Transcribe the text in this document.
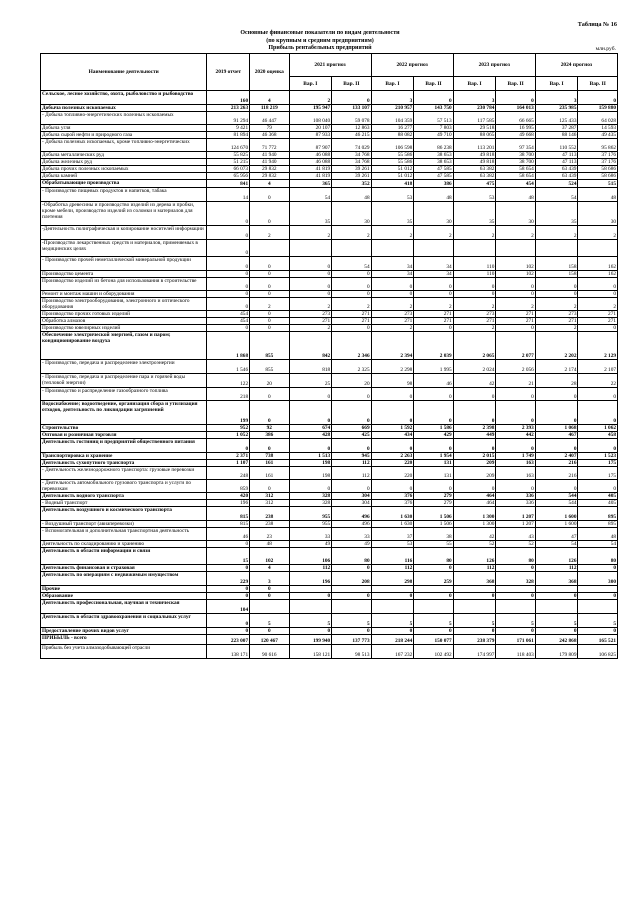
Таблица № 16
Основные финансовые показатели по видам деятельности
(по крупным и средним предприятиям)
Прибыль рентабельных предприятий	млн.руб.
Наименование деятельности	2019 отчет	2020 оценка	2021 прогноз		2022 прогноз		2023 прогноз		2024 прогноз	
			Вар. I	Вар. II	Вар. I	Вар. II	Вар. I	Вар. II	Вар. I	Вар. II
Сельское, лесное хозяйство, охота, рыболовство и рыбоводство	160	4	2	0	3	0	3	0	3	0
Добыча полезных ископаемых	213 263	118 219	195 947	133 107	210 957	143 750	230 784	164 013	235 985	159 880
- Добыча топливно-энергетических полезных ископаемых	91 294	46 447	108 040	59 078	104 359	57 513	117 585	66 665	125 433	64 028
Добыча угля	9 421	79	20 107	12 863	16 277	7 803	29 518	16 995	37 287	14 593
Добыча сырой нефти и природного газа	81 894	46 368	87 933	46 215	88 082	49 710	88 065	49 668	88 146	49 435
- Добыча полезных ископаемых, кроме топливно-энергетических	124 670	71 772	87 907	74 029	106 598	86 238	113 201	97 354	110 552	95 862
Добыча металлических руд	55 825	41 940	46 088	34 768	55 586	38 653	49 818	38 700	47 113	37 176
Добыча железных руд	51 215	41 940	46 088	34 768	55 586	38 653	49 818	38 700	47 113	37 176
Добыча прочих полезных ископаемых	66 073	29 832	41 819	39 261	51 012	47 585	63 382	58 654	63 439	58 686
Добыча камней	65 956	29 832	41 819	39 261	51 012	47 585	63 382	58 654	63 439	58 686
Обрабатывающие производства	841	4	365	352	418	386	475	454	524	515
- Производство пищевых продуктов и напитков, табака	14	0	54	48	53	48	53	48	54	48
-Обработка древесины и производство изделий из дерева и пробки, кроме мебели, производство изделий из соломки и материалов для плетения	0	0	35	30	35	30	35	30	35	30
-Деятельность полиграфическая и копирование носителей информации	0	2	2	2	2	2	2	2	2	2
-Производство лекарственных средств и материалов, применяемых в медицинских целях	0									
- Производство прочей неметаллической минеральной продукции	0	0	0	54	34	34	110	102	158	162
Производство цемента	0	0	0	0	34	34	110	102	158	162
Производство изделий из бетона для использования в строительстве	0	0	0	0	0	0	0	0	0	0
Ремонт и монтаж машин и оборудования	0	0	0	0	0	0	0	0	0	0
Производство электрооборудования, электронного и оптического оборудования	0	2	2	2	2	2	2	2	2	2
Производство прочих готовых изделий	454	0	273	271	273	271	273	271	273	271
Обработка алмазов	454	0	271	271	271	271	271	271	271	271
Производство ювелирных изделий	0	0	2	0	2	0	2	0	2	0
Обеспечение электрической энергией, газом и паром; кондиционирование воздуха	1 868	855	842	2 346	2 394	2 039	2 065	2 077	2 202	2 129
- Производство, передача и распределение электроэнергии	1 546	855	818	2 325	2 298	1 995	2 024	2 056	2 174	2 107
- Производство, передача и распределение пара и горячей воды (тепловой энергии)	122	20	25	20	98	46	42	21	28	22
- Производство и распределение газообразного топлива	218	0	0	0	0	0	0	0	0	0
Водоснабжение; водоотведение, организация сбора и утилизация отходов, деятельность по ликвидации загрязнений	199	0	0	0	0	0	0	0	0	0
Строительство	952	92	674	669	1 592	1 586	2 398	2 393	1 068	1 062
Оптовая и розничная торговля	1 052	386	428	425	434	429	449	442	467	458
Деятельность гостиниц и предприятий общественного питания	0	0	0	0	0	0	0	0	0	0
Транспортировка и хранение	2 371	738	1 513	945	2 263	1 954	2 015	1 749	2 407	1 523
Деятельность сухопутного транспорта	1 107	161	198	112	220	131	209	163	216	175
- Деятельность железнодорожного транспорта: грузовые перевозки	248	161	198	112	220	131	209	163	216	175
- Деятельность автомобильного грузового транспорта и услуги по перевозкам	859	0	0	0	0	0	0	0	0	0
Деятельность водного транспорта	420	312	328	304	376	279	464	336	544	405
- Водный транспорт	196	312	328	304	376	279	464	336	544	405
Деятельность воздушного и космического транспорта	815	238	955	496	1 630	1 506	1 300	1 207	1 600	895
- Воздушный транспорт (авиаперевозки)	815	238	955	496	1 630	1 506	1 300	1 207	1 600	895
- Вспомогательная и дополнительная транспортная деятельность	46	23	33	33	37	38	42	43	47	48
Деятельность по складированию и хранению	0	48	49	49	53	55	52	52	54	54
Деятельность в области информации и связи	15	102	106	80	116	80	126	80	126	80
Деятельность финансовая и страховая	0	4	112	0	112	0	112	0	112	0
Деятельность по операциям с недвижимым имуществом	229	3	196	208	298	259	368	328	368	300
Прочие	0	0								
Образование	0	0	0	0	0	0	0	0	0	0
Деятельность профессиональная, научная и техническая	104									
Деятельность в области здравоохранения и социальных услуг	0	5	5	5	5	5	5	5	5	5
Предоставление прочих видов услуг	0	0	0	0	0	0	0	0	0	0
ПРИБЫЛЬ - всего	223 007	120 467	199 940	137 773	218 244	150 077	238 379	171 061	242 868	165 521
Прибыль без учета алмазодобывающей отрасли	138 171	90 616	158 121	98 513	167 232	102 492	174 997	118 403	179 809	106 825
